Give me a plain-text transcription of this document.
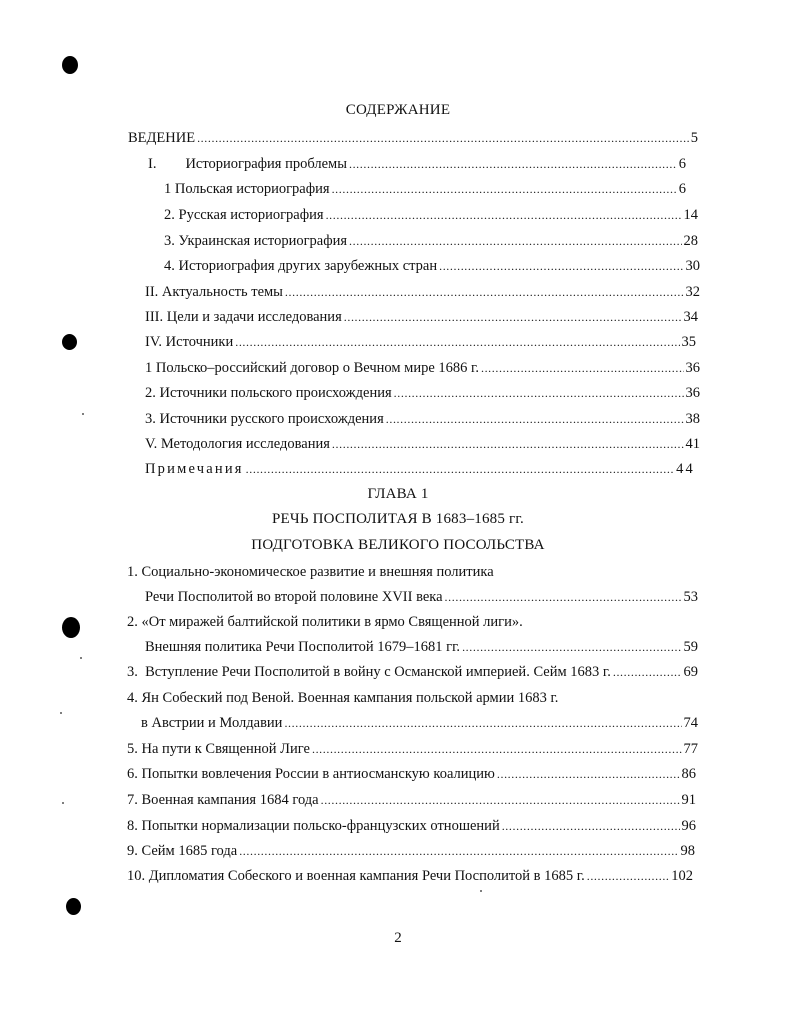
СОДЕРЖАНИЕ
ВЕДЕНИЕ . . .	5
I.        Историография проблемы . . .	6
1 Польская историография . . .	6
2. Русская историография . . .	14
3. Украинская историография . . .	28
4. Историография других зарубежных стран . . .	30
II. Актуальность темы . . .	32
III. Цели и задачи исследования . . .	34
IV. Источники . . .	35
1 Польско–российский договор о Вечном мире 1686 г. . . .	36
2. Источники польского происхождения . . .	36
3. Источники русского происхождения . . .	38
V. Методология исследования . . .	41
Примечания . . .	44
ГЛАВА 1
РЕЧЬ ПОСПОЛИТАЯ В 1683–1685 гг.
ПОДГОТОВКА ВЕЛИКОГО ПОСОЛЬСТВА
1. Социально-экономическое развитие и внешняя политика
Речи Посполитой во второй половине XVII века . . .	53
2. «От миражей балтийской политики в ярмо Священной лиги».
Внешняя политика Речи Посполитой 1679–1681 гг. . . .	59
3.  Вступление Речи Посполитой в войну с Османской империей. Сейм 1683 г. . . .	69
4. Ян Собеский под Веной. Военная кампания польской армии 1683 г.
в Австрии и Молдавии . . .	74
5. На пути к Священной Лиге . . .	77
6. Попытки вовлечения России в антиосманскую коалицию . . .	86
7. Военная кампания 1684 года . . .	91
8. Попытки нормализации польско-французских отношений . . .	96
9. Сейм 1685 года . . .	98
10. Дипломатия Собеского и военная кампания Речи Посполитой в 1685 г. . . .	102
2
